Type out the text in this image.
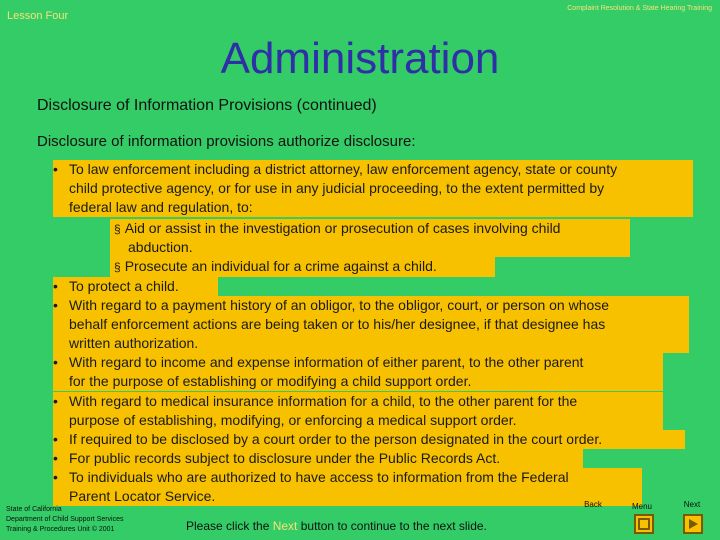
Lesson Four
Complaint Resolution & State Hearing Training
Administration
Disclosure of Information Provisions (continued)
Disclosure of information provisions authorize disclosure:
• To law enforcement including a district attorney, law enforcement agency, state or county
child protective agency, or for use in any judicial proceeding, to the extent permitted by
federal law and regulation, to:
§ Aid or assist in the investigation or prosecution of cases involving child
abduction.
§ Prosecute an individual for a crime against a child.
• To protect a child.
• With regard to a payment history of an obligor, to the obligor, court, or person on whose
behalf enforcement actions are being taken or to his/her designee, if that designee has
written authorization.
• With regard to income and expense information of either parent, to the other parent
for the purpose of establishing or modifying a child support order.
• With regard to medical insurance information for a child, to the other parent for the
purpose of establishing, modifying, or enforcing a medical support order.
• If required to be disclosed by a court order to the person designated in the court order.
• For public records subject to disclosure under the Public Records Act.
• To individuals who are authorized to have access to information from the Federal
Parent Locator Service.
State of California
Department of Child Support Services
Training & Procedures Unit © 2001	Please click the Next button to continue to the next slide.
Back	Menu	Next
